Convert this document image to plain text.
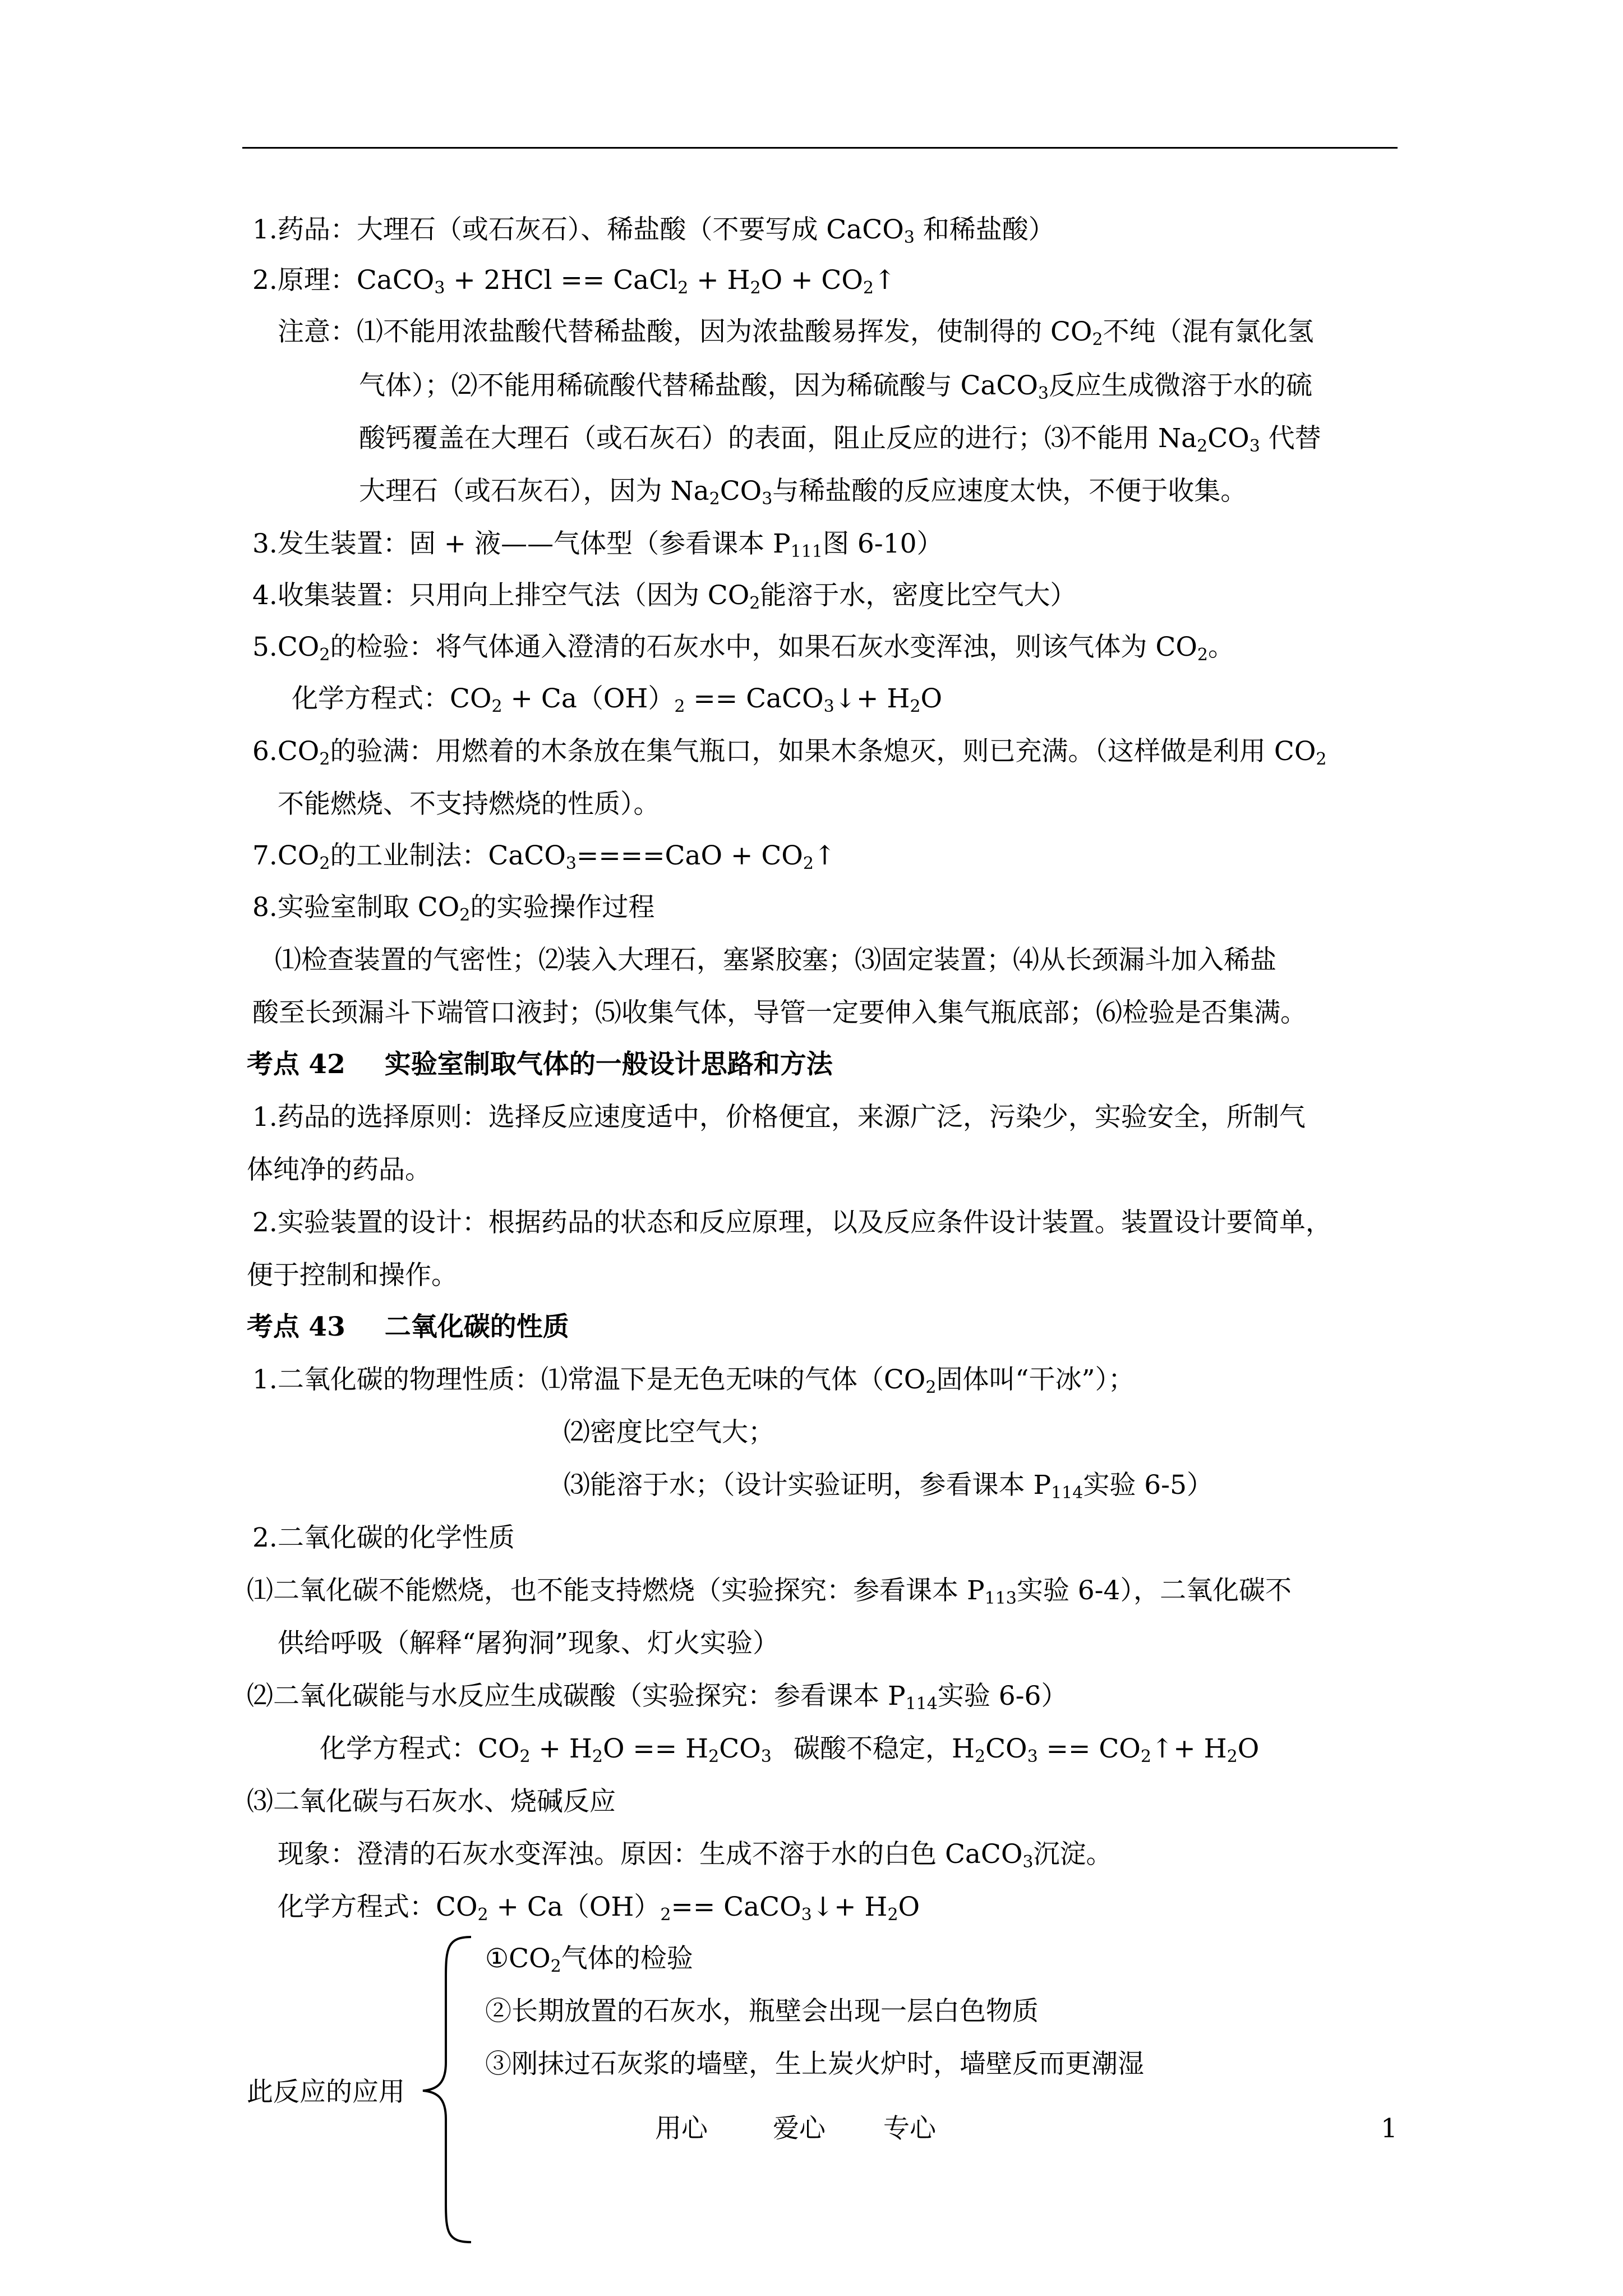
1.药品：大理石（或石灰石）、稀盐酸（不要写成 CaCO$_3$ 和稀盐酸）
2.原理：CaCO$_3$ + 2HCl == CaCl$_2$ + $H_2O$ + $CO_2↑$
注意：⑴不能用浓盐酸代替稀盐酸，因为浓盐酸易挥发，使制得的 $CO_2$不纯（混有氯化氢
气体）；⑵不能用稀硫酸代替稀盐酸，因为稀硫酸与 CaCO$_3$反应生成微溶于水的硫
酸钙覆盖在大理石（或石灰石）的表面，阻止反应的进行；⑶不能用 $Na_2CO_3$ 代替
大理石（或石灰石），因为 $Na_2CO_3$与稀盐酸的反应速度太快，不便于收集。
3.发生装置：固 + 液——气体型（参看课本 $P_{111}$图 6-10）
4.收集装置：只用向上排空气法（因为 $CO_2$能溶于水，密度比空气大）
$5.CO_2$的检验：将气体通入澄清的石灰水中，如果石灰水变浑浊，则该气体为 $CO_2$。
化学方程式：$CO_2 + Ca(OH)_2$ == CaCO$_3$↓+ $H_2O$
$6.CO_2$的验满：用燃着的木条放在集气瓶口，如果木条熄灭，则已充满。（这样做是利用 $CO_2$
不能燃烧、不支持燃烧的性质）。
$7.CO_2$的工业制法：CaCO$_3$====CaO + $CO_2↑$
8.实验室制取 $CO_2$的实验操作过程
⑴检查装置的气密性；⑵装入大理石，塞紧胶塞；⑶固定装置；⑷从长颈漏斗加入稀盐
酸至长颈漏斗下端管口液封；⑸收集气体，导管一定要伸入集气瓶底部；⑹检验是否集满。
考点 42 实验室制取气体的一般设计思路和方法
1.药品的选择原则：选择反应速度适中，价格便宜，来源广泛，污染少，实验安全，所制气
体纯净的药品。
2.实验装置的设计：根据药品的状态和反应原理，以及反应条件设计装置。装置设计要简单，
便于控制和操作。
考点 43 二氧化碳的性质
1.二氧化碳的物理性质：⑴常温下是无色无味的气体（$CO_2$固体叫“干冰”）；
⑵密度比空气大；
⑶能溶于水；（设计实验证明，参看课本 $P_{114}$实验 6-5）
2.二氧化碳的化学性质
⑴二氧化碳不能燃烧，也不能支持燃烧（实验探究：参看课本 $P_{113}$实验 6-4），二氧化碳不
供给呼吸（解释“屠狗洞”现象、灯火实验）
⑵二氧化碳能与水反应生成碳酸（实验探究：参看课本 $P_{114}$实验 6-6）
化学方程式：$CO_2 + H_2O == H_2CO_3$ 碳酸不稳定，$H_2CO_3$ == $CO_2↑+ H_2O$
⑶二氧化碳与石灰水、烧碱反应
现象：澄清的石灰水变浑浊。原因：生成不溶于水的白色 CaCO$_3$沉淀。
化学方程式：$CO_2 + Ca(OH)_2==$ CaCO$_3$↓+ $H_2O$
此反应的应用
$①CO_2$气体的检验
②长期放置的石灰水，瓶壁会出现一层白色物质
③刚抹过石灰浆的墙壁，生上炭火炉时，墙壁反而更潮湿
用心 爱心 专心	1
